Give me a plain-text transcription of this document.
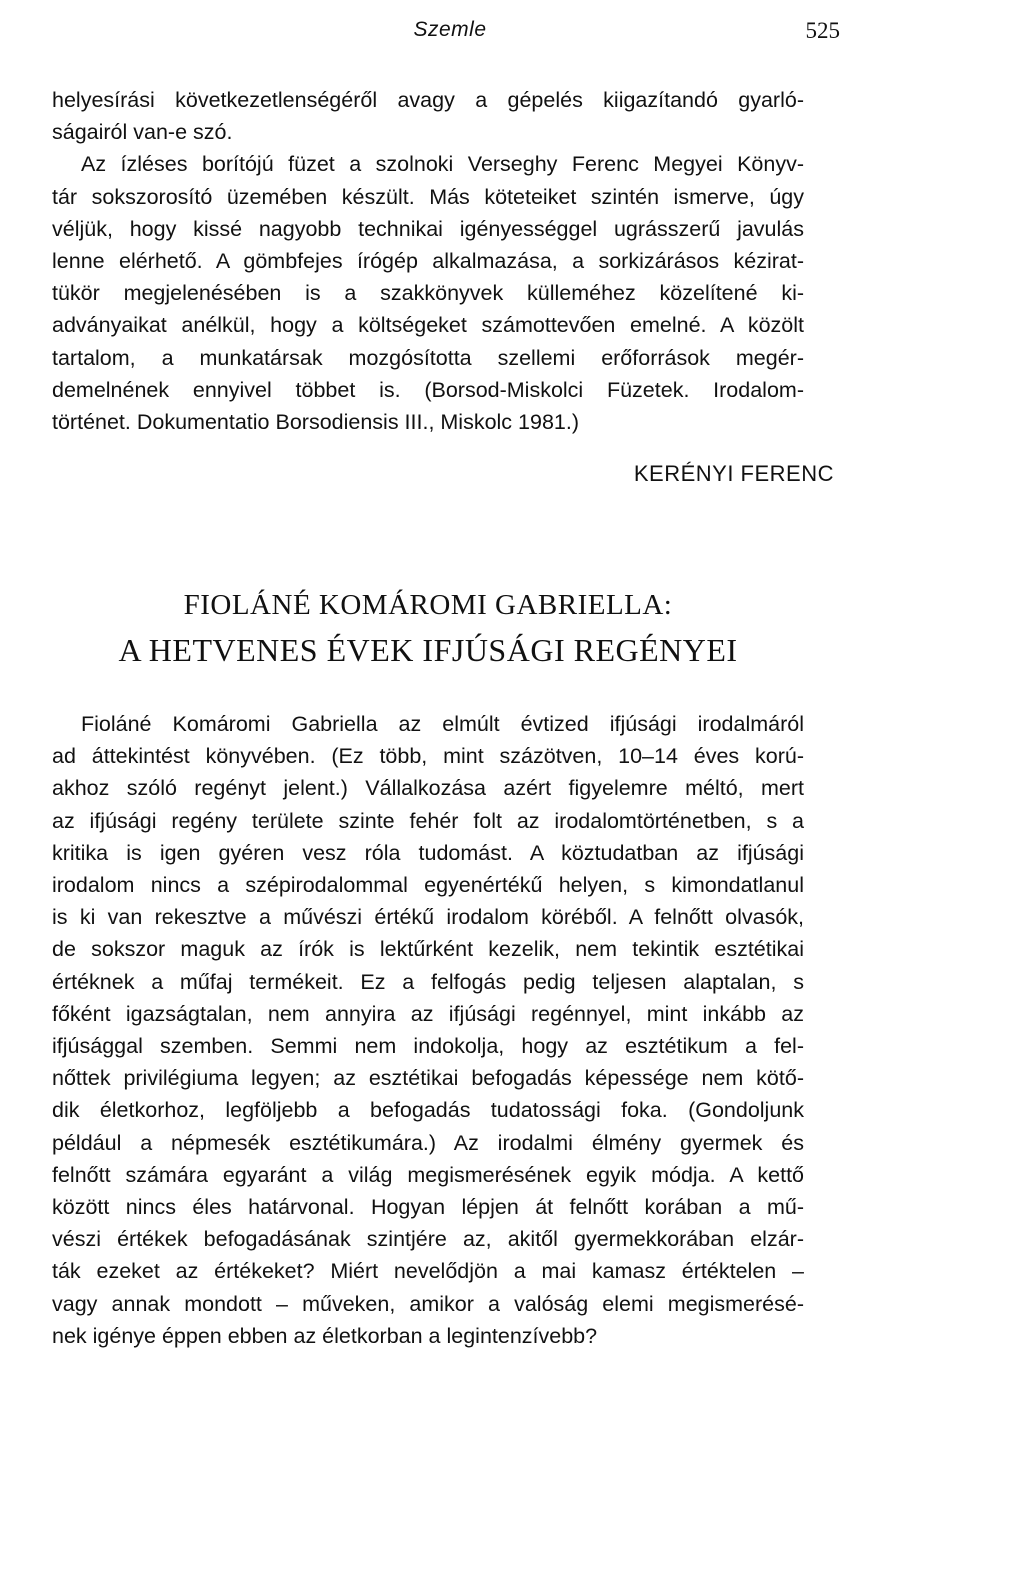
Szemle	525
helyesírási következetlenségéről avagy a gépelés kiigazítandó gyarló-
ságairól van-e szó.
Az ízléses borítójú füzet a szolnoki Verseghy Ferenc Megyei Könyv-
tár sokszorosító üzemében készült. Más köteteiket szintén ismerve, úgy
véljük, hogy kissé nagyobb technikai igényességgel ugrásszerű javulás
lenne elérhető. A gömbfejes írógép alkalmazása, a sorkizárásos kézirat-
tükör megjelenésében is a szakkönyvek külleméhez közelítené ki-
adványaikat anélkül, hogy a költségeket számottevően emelné. A közölt
tartalom, a munkatársak mozgósította szellemi erőforrások megér-
demelnének ennyivel többet is. (Borsod-Miskolci Füzetek. Irodalom-
történet. Dokumentatio Borsodiensis III., Miskolc 1981.)
KERÉNYI FERENC
FIOLÁNÉ KOMÁROMI GABRIELLA:
A HETVENES ÉVEK IFJÚSÁGI REGÉNYEI
Fioláné Komáromi Gabriella az elmúlt évtized ifjúsági irodalmáról
ad áttekintést könyvében. (Ez több, mint százötven, 10–14 éves korú-
akhoz szóló regényt jelent.) Vállalkozása azért figyelemre méltó, mert
az ifjúsági regény területe szinte fehér folt az irodalomtörténetben, s a
kritika is igen gyéren vesz róla tudomást. A köztudatban az ifjúsági
irodalom nincs a szépirodalommal egyenértékű helyen, s kimondatlanul
is ki van rekesztve a művészi értékű irodalom köréből. A felnőtt olvasók,
de sokszor maguk az írók is lektűrként kezelik, nem tekintik esztétikai
értéknek a műfaj termékeit. Ez a felfogás pedig teljesen alaptalan, s
főként igazságtalan, nem annyira az ifjúsági regénnyel, mint inkább az
ifjúsággal szemben. Semmi nem indokolja, hogy az esztétikum a fel-
nőttek privilégiuma legyen; az esztétikai befogadás képessége nem kötő-
dik életkorhoz, legföljebb a befogadás tudatossági foka. (Gondoljunk
például a népmesék esztétikumára.) Az irodalmi élmény gyermek és
felnőtt számára egyaránt a világ megismerésének egyik módja. A kettő
között nincs éles határvonal. Hogyan lépjen át felnőtt korában a mű-
vészi értékek befogadásának szintjére az, akitől gyermekkorában elzár-
ták ezeket az értékeket? Miért nevelődjön a mai kamasz értéktelen –
vagy annak mondott – műveken, amikor a valóság elemi megismerésé-
nek igénye éppen ebben az életkorban a legintenzívebb?
